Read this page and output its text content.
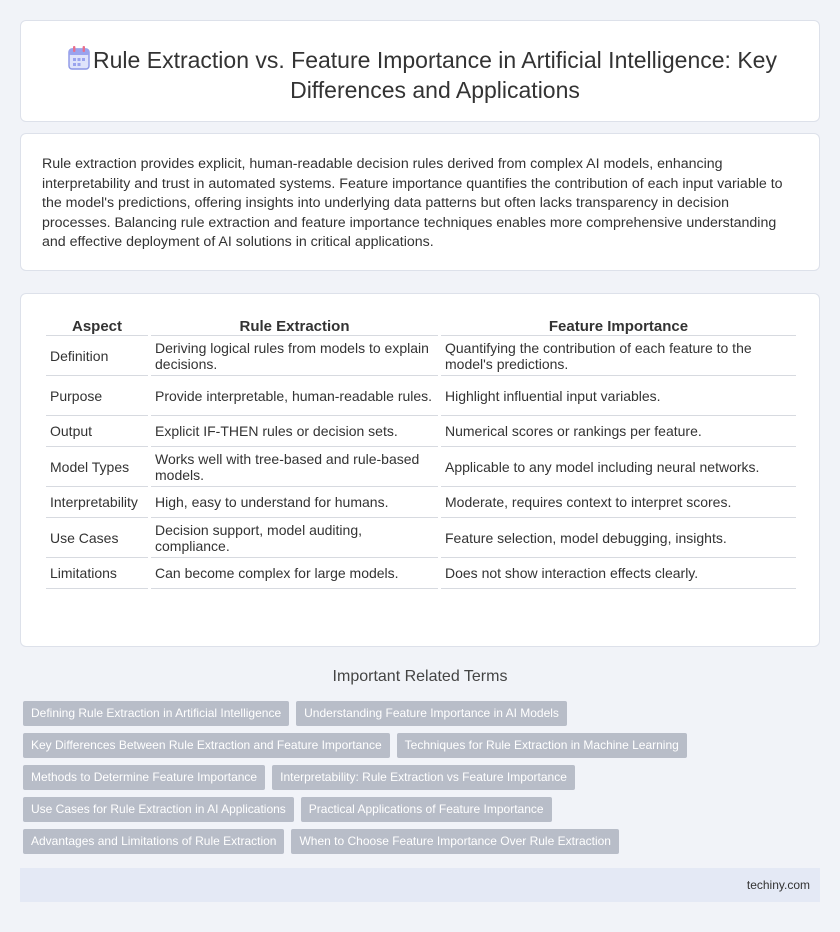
Rule Extraction vs. Feature Importance in Artificial Intelligence: Key Differences and Applications

Rule extraction provides explicit, human-readable decision rules derived from complex AI models, enhancing interpretability and trust in automated systems. Feature importance quantifies the contribution of each input variable to the model's predictions, offering insights into underlying data patterns but often lacks transparency in decision processes. Balancing rule extraction and feature importance techniques enables more comprehensive understanding and effective deployment of AI solutions in critical applications.

Aspect	Rule Extraction	Feature Importance
Definition	Deriving logical rules from models to explain decisions.	Quantifying the contribution of each feature to the model's predictions.
Purpose	Provide interpretable, human-readable rules.	Highlight influential input variables.
Output	Explicit IF-THEN rules or decision sets.	Numerical scores or rankings per feature.
Model Types	Works well with tree-based and rule-based models.	Applicable to any model including neural networks.
Interpretability	High, easy to understand for humans.	Moderate, requires context to interpret scores.
Use Cases	Decision support, model auditing, compliance.	Feature selection, model debugging, insights.
Limitations	Can become complex for large models.	Does not show interaction effects clearly.
Important Related Terms
Defining Rule Extraction in Artificial Intelligence	Understanding Feature Importance in AI Models
Key Differences Between Rule Extraction and Feature Importance	Techniques for Rule Extraction in Machine Learning
Methods to Determine Feature Importance	Interpretability: Rule Extraction vs Feature Importance
Use Cases for Rule Extraction in AI Applications	Practical Applications of Feature Importance
Advantages and Limitations of Rule Extraction	When to Choose Feature Importance Over Rule Extraction
techiny.com
